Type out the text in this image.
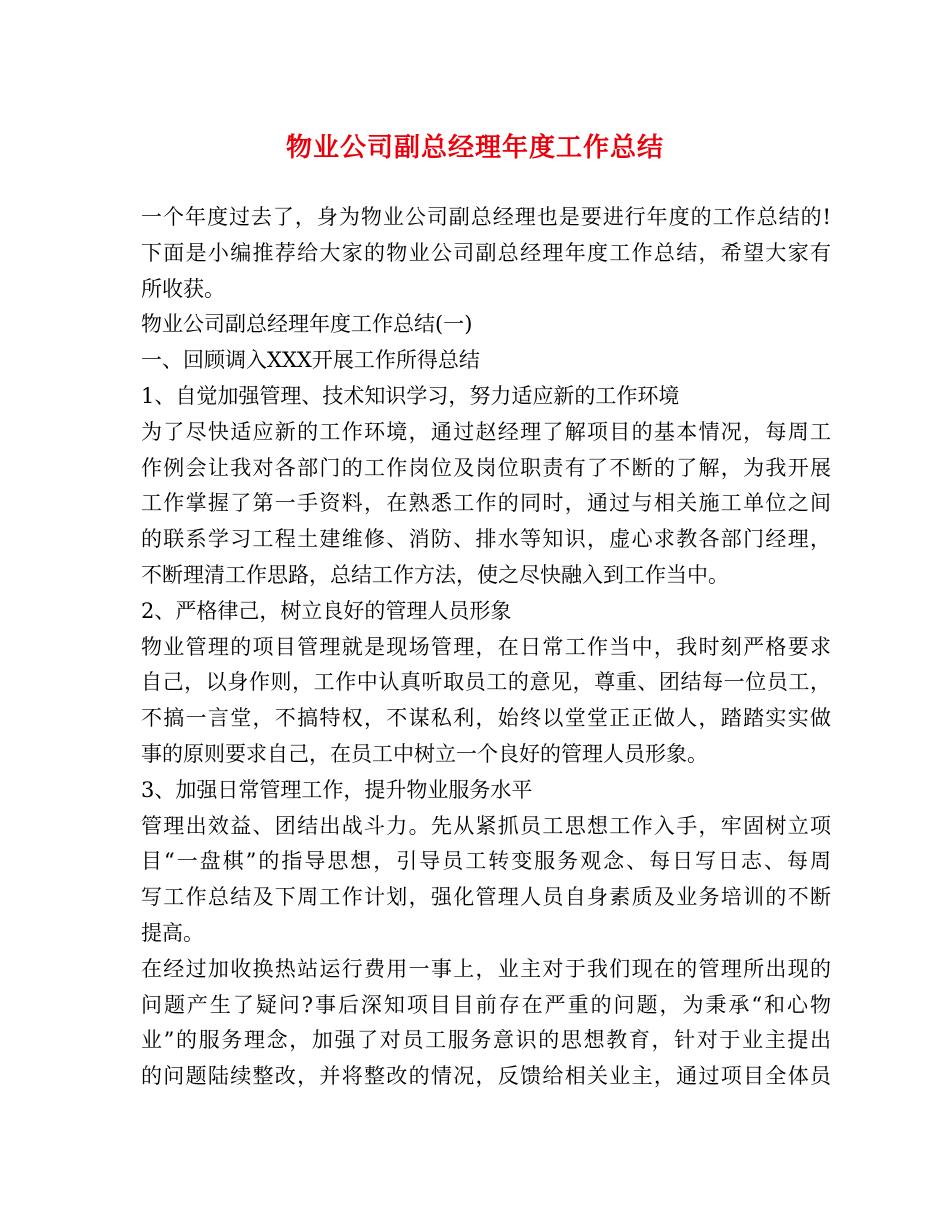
物业公司副总经理年度工作总结
一个年度过去了，身为物业公司副总经理也是要进行年度的工作总结的!
下面是小编推荐给大家的物业公司副总经理年度工作总结，希望大家有
所收获。
物业公司副总经理年度工作总结(一)
一、回顾调入XXX开展工作所得总结
1、自觉加强管理、技术知识学习，努力适应新的工作环境
为了尽快适应新的工作环境，通过赵经理了解项目的基本情况，每周工
作例会让我对各部门的工作岗位及岗位职责有了不断的了解，为我开展
工作掌握了第一手资料，在熟悉工作的同时，通过与相关施工单位之间
的联系学习工程土建维修、消防、排水等知识，虚心求教各部门经理，
不断理清工作思路，总结工作方法，使之尽快融入到工作当中。
2、严格律己，树立良好的管理人员形象
物业管理的项目管理就是现场管理，在日常工作当中，我时刻严格要求
自己，以身作则，工作中认真听取员工的意见，尊重、团结每一位员工，
不搞一言堂，不搞特权，不谋私利，始终以堂堂正正做人，踏踏实实做
事的原则要求自己，在员工中树立一个良好的管理人员形象。
3、加强日常管理工作，提升物业服务水平
管理出效益、团结出战斗力。先从紧抓员工思想工作入手，牢固树立项
目“一盘棋”的指导思想，引导员工转变服务观念、每日写日志、每周
写工作总结及下周工作计划，强化管理人员自身素质及业务培训的不断
提高。
在经过加收换热站运行费用一事上，业主对于我们现在的管理所出现的
问题产生了疑问?事后深知项目目前存在严重的问题，为秉承“和心物
业”的服务理念，加强了对员工服务意识的思想教育，针对于业主提出
的问题陆续整改，并将整改的情况，反馈给相关业主，通过项目全体员
